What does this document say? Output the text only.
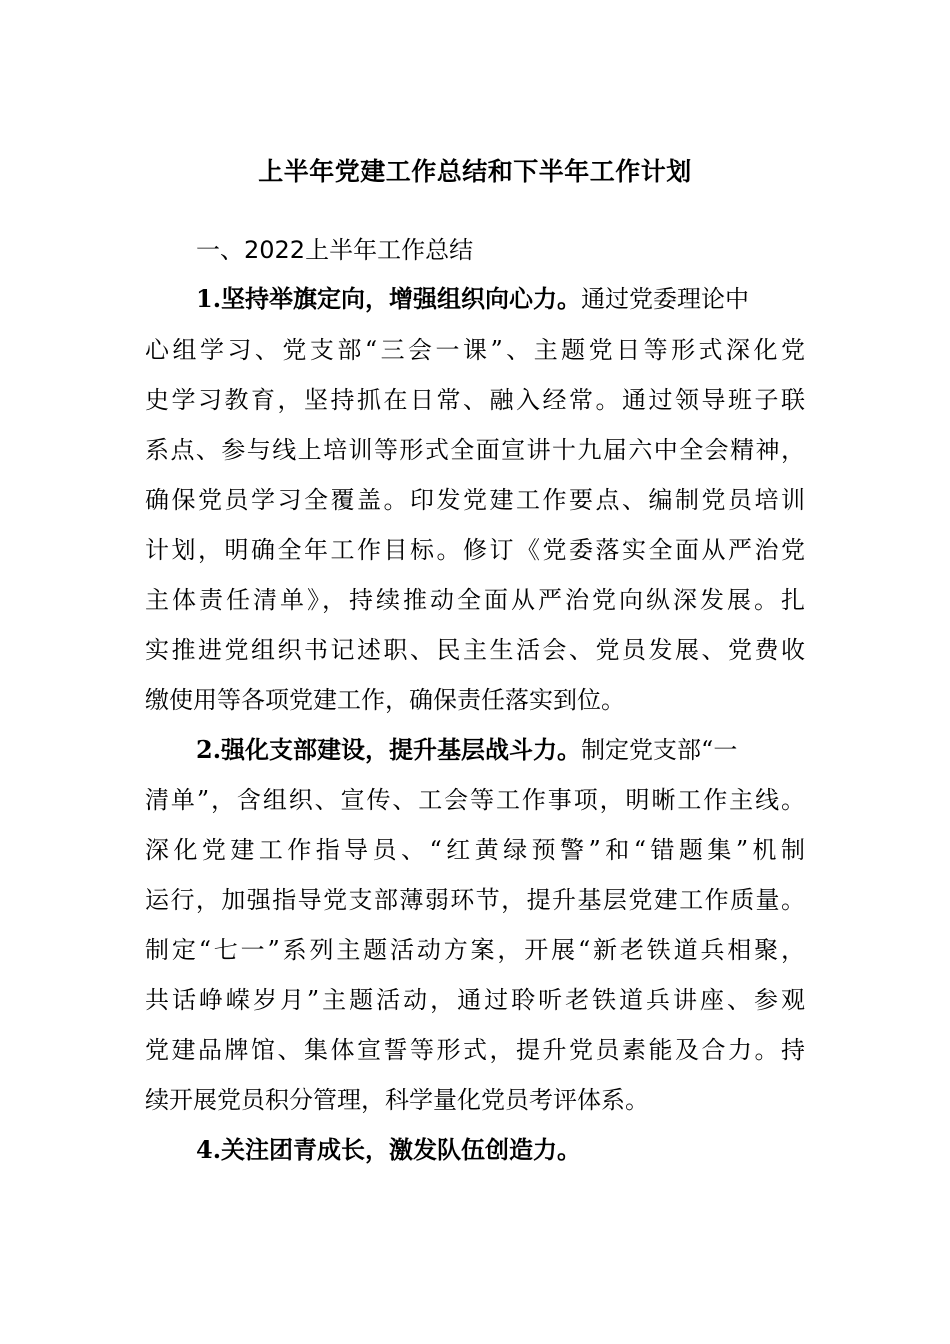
上半年党建工作总结和下半年工作计划
一、2022上半年工作总结
1.坚持举旗定向，增强组织向心力。通过党委理论中
心组学习、党支部“三会一课”、主题党日等形式深化党
史学习教育，坚持抓在日常、融入经常。通过领导班子联
系点、参与线上培训等形式全面宣讲十九届六中全会精神，
确保党员学习全覆盖。印发党建工作要点、编制党员培训
计划，明确全年工作目标。修订《党委落实全面从严治党
主体责任清单》，持续推动全面从严治党向纵深发展。扎
实推进党组织书记述职、民主生活会、党员发展、党费收
缴使用等各项党建工作，确保责任落实到位。
2.强化支部建设，提升基层战斗力。制定党支部“一
清单”，含组织、宣传、工会等工作事项，明晰工作主线。
深化党建工作指导员、“红黄绿预警”和“错题集”机制
运行，加强指导党支部薄弱环节，提升基层党建工作质量。
制定“七一”系列主题活动方案，开展“新老铁道兵相聚，
共话峥嵘岁月”主题活动，通过聆听老铁道兵讲座、参观
党建品牌馆、集体宣誓等形式，提升党员素能及合力。持
续开展党员积分管理，科学量化党员考评体系。
4.关注团青成长，激发队伍创造力。
